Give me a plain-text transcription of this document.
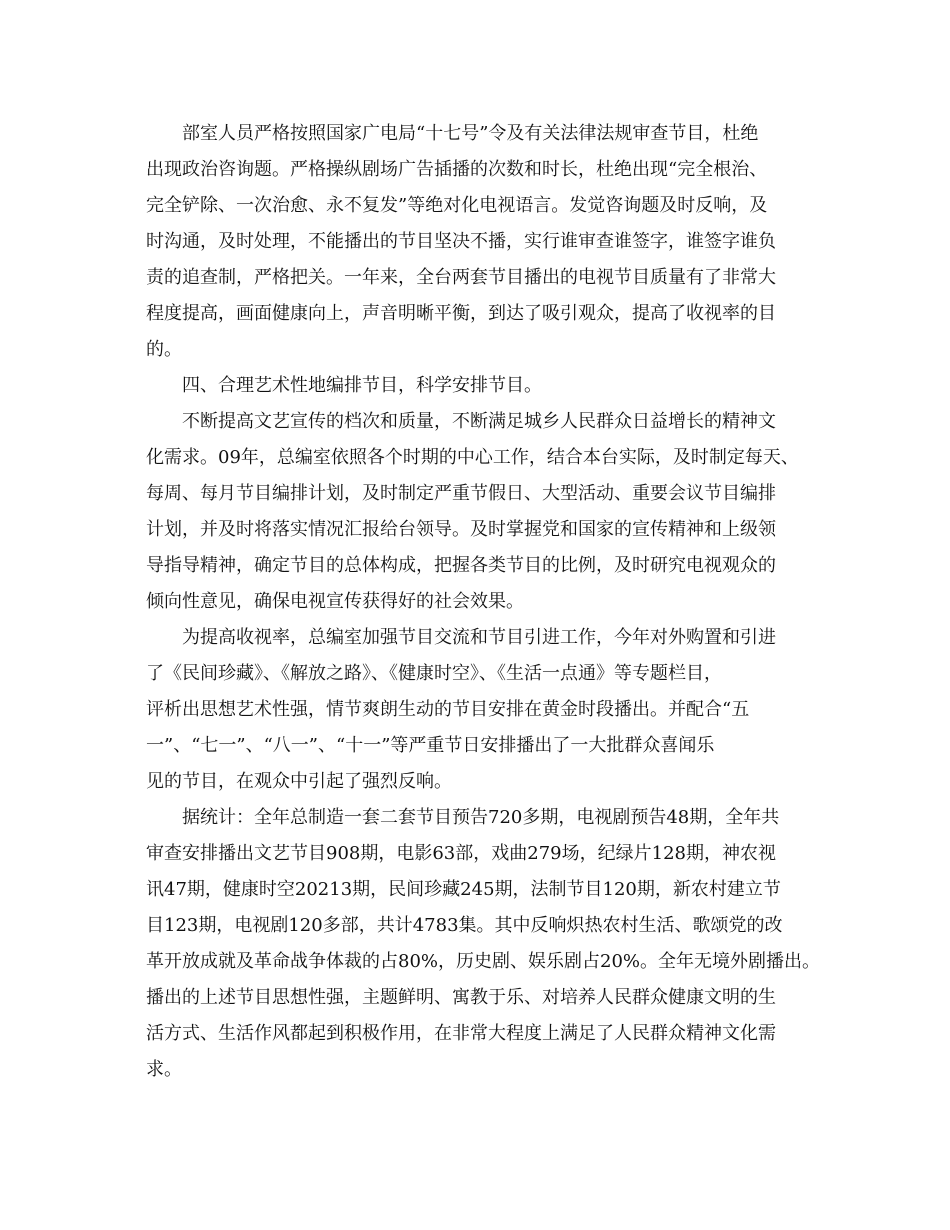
部室人员严格按照国家广电局“十七号”令及有关法律法规审查节目，杜绝
出现政治咨询题。严格操纵剧场广告插播的次数和时长，杜绝出现“完全根治、
完全铲除、一次治愈、永不复发”等绝对化电视语言。发觉咨询题及时反响，及
时沟通，及时处理，不能播出的节目坚决不播，实行谁审查谁签字，谁签字谁负
责的追查制，严格把关。一年来，全台两套节目播出的电视节目质量有了非常大
程度提高，画面健康向上，声音明晰平衡，到达了吸引观众，提高了收视率的目
的。
四、合理艺术性地编排节目，科学安排节目。
不断提高文艺宣传的档次和质量，不断满足城乡人民群众日益增长的精神文
化需求。09年，总编室依照各个时期的中心工作，结合本台实际，及时制定每天、
每周、每月节目编排计划，及时制定严重节假日、大型活动、重要会议节目编排
计划，并及时将落实情况汇报给台领导。及时掌握党和国家的宣传精神和上级领
导指导精神，确定节目的总体构成，把握各类节目的比例，及时研究电视观众的
倾向性意见，确保电视宣传获得好的社会效果。
为提高收视率，总编室加强节目交流和节目引进工作，今年对外购置和引进
了《民间珍藏》、《解放之路》、《健康时空》、《生活一点通》等专题栏目，
评析出思想艺术性强，情节爽朗生动的节目安排在黄金时段播出。并配合“五
一”、“七一”、“八一”、“十一”等严重节日安排播出了一大批群众喜闻乐
见的节目，在观众中引起了强烈反响。
据统计：全年总制造一套二套节目预告720多期，电视剧预告48期，全年共
审查安排播出文艺节目908期，电影63部，戏曲279场，纪绿片128期，神农视
讯47期，健康时空20213期，民间珍藏245期，法制节目120期，新农村建立节
目123期，电视剧120多部，共计4783集。其中反响炽热农村生活、歌颂党的改
革开放成就及革命战争体裁的占80%，历史剧、娱乐剧占20%。全年无境外剧播出。
播出的上述节目思想性强，主题鲜明、寓教于乐、对培养人民群众健康文明的生
活方式、生活作风都起到积极作用，在非常大程度上满足了人民群众精神文化需
求。
